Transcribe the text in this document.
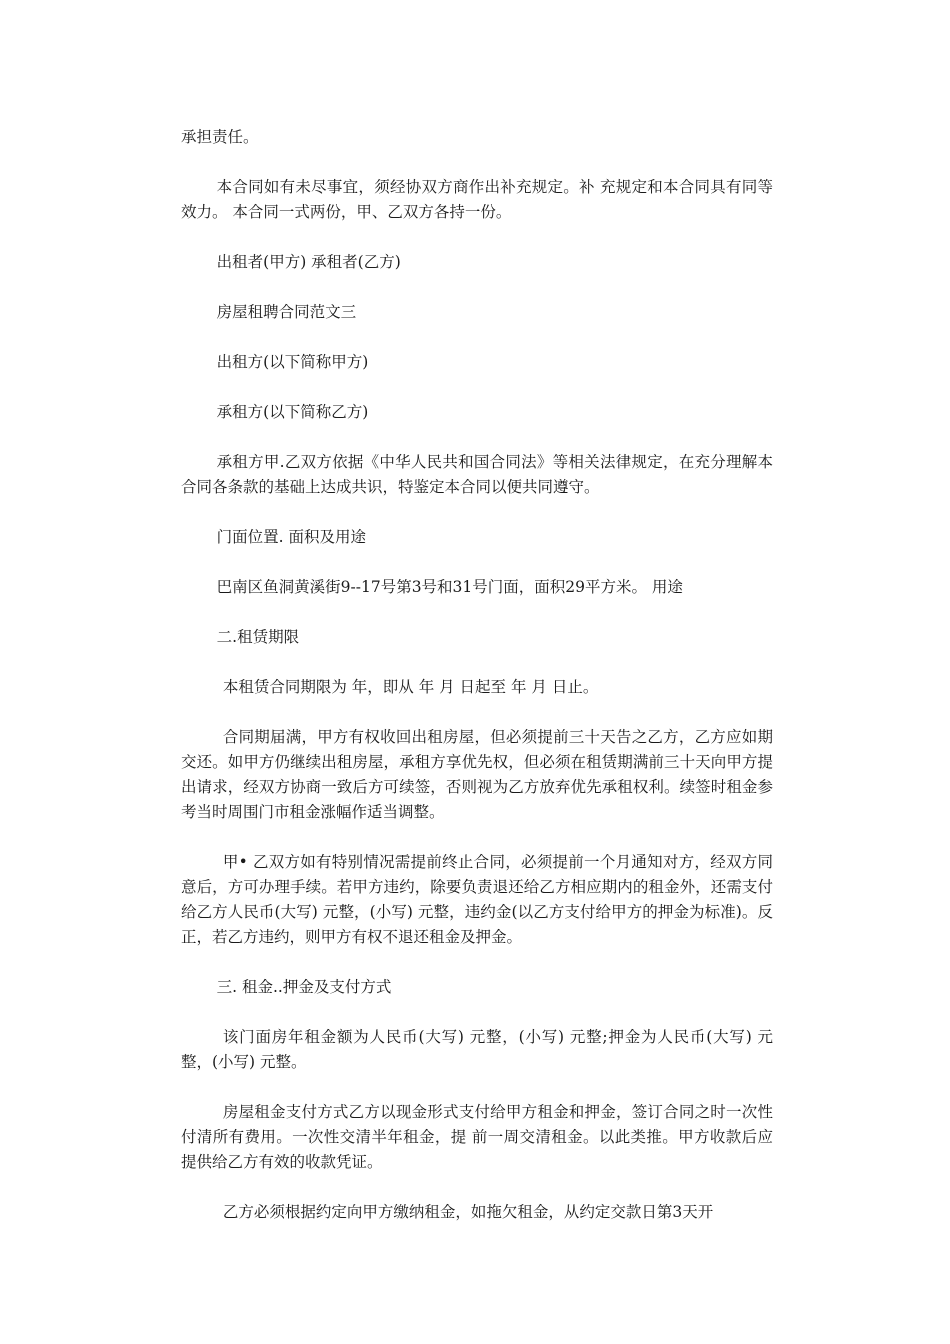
承担责任。

本合同如有未尽事宜，须经协双方商作出补充规定。补 充规定和本合同具有同等效力。 本合同一式两份，甲、乙双方各持一份。

出租者(甲方) 承租者(乙方)

房屋租聘合同范文三

出租方(以下简称甲方)

承租方(以下简称乙方)

承租方甲.乙双方依据《中华人民共和国合同法》等相关法律规定，在充分理解本合同各条款的基础上达成共识，特鉴定本合同以便共同遵守。

门面位置. 面积及用途

巴南区鱼洞黄溪街9--17号第3号和31号门面，面积29平方米。 用途

二.租赁期限

本租赁合同期限为 年，即从 年 月 日起至 年 月 日止。

合同期届满，甲方有权收回出租房屋，但必须提前三十天告之乙方，乙方应如期交还。如甲方仍继续出租房屋，承租方享优先权，但必须在租赁期满前三十天向甲方提出请求，经双方协商一致后方可续签，否则视为乙方放弃优先承租权利。续签时租金参考当时周围门市租金涨幅作适当调整。

甲• 乙双方如有特别情况需提前终止合同，必须提前一个月通知对方，经双方同意后，方可办理手续。若甲方违约，除要负责退还给乙方相应期内的租金外，还需支付给乙方人民币(大写) 元整，(小写) 元整，违约金(以乙方支付给甲方的押金为标准)。反正，若乙方违约，则甲方有权不退还租金及押金。

三. 租金..押金及支付方式

该门面房年租金额为人民币(大写) 元整，(小写) 元整;押金为人民币(大写) 元整，(小写) 元整。

房屋租金支付方式乙方以现金形式支付给甲方租金和押金，签订合同之时一次性付清所有费用。一次性交清半年租金，提 前一周交清租金。以此类推。甲方收款后应提供给乙方有效的收款凭证。

乙方必须根据约定向甲方缴纳租金，如拖欠租金，从约定交款日第3天开
